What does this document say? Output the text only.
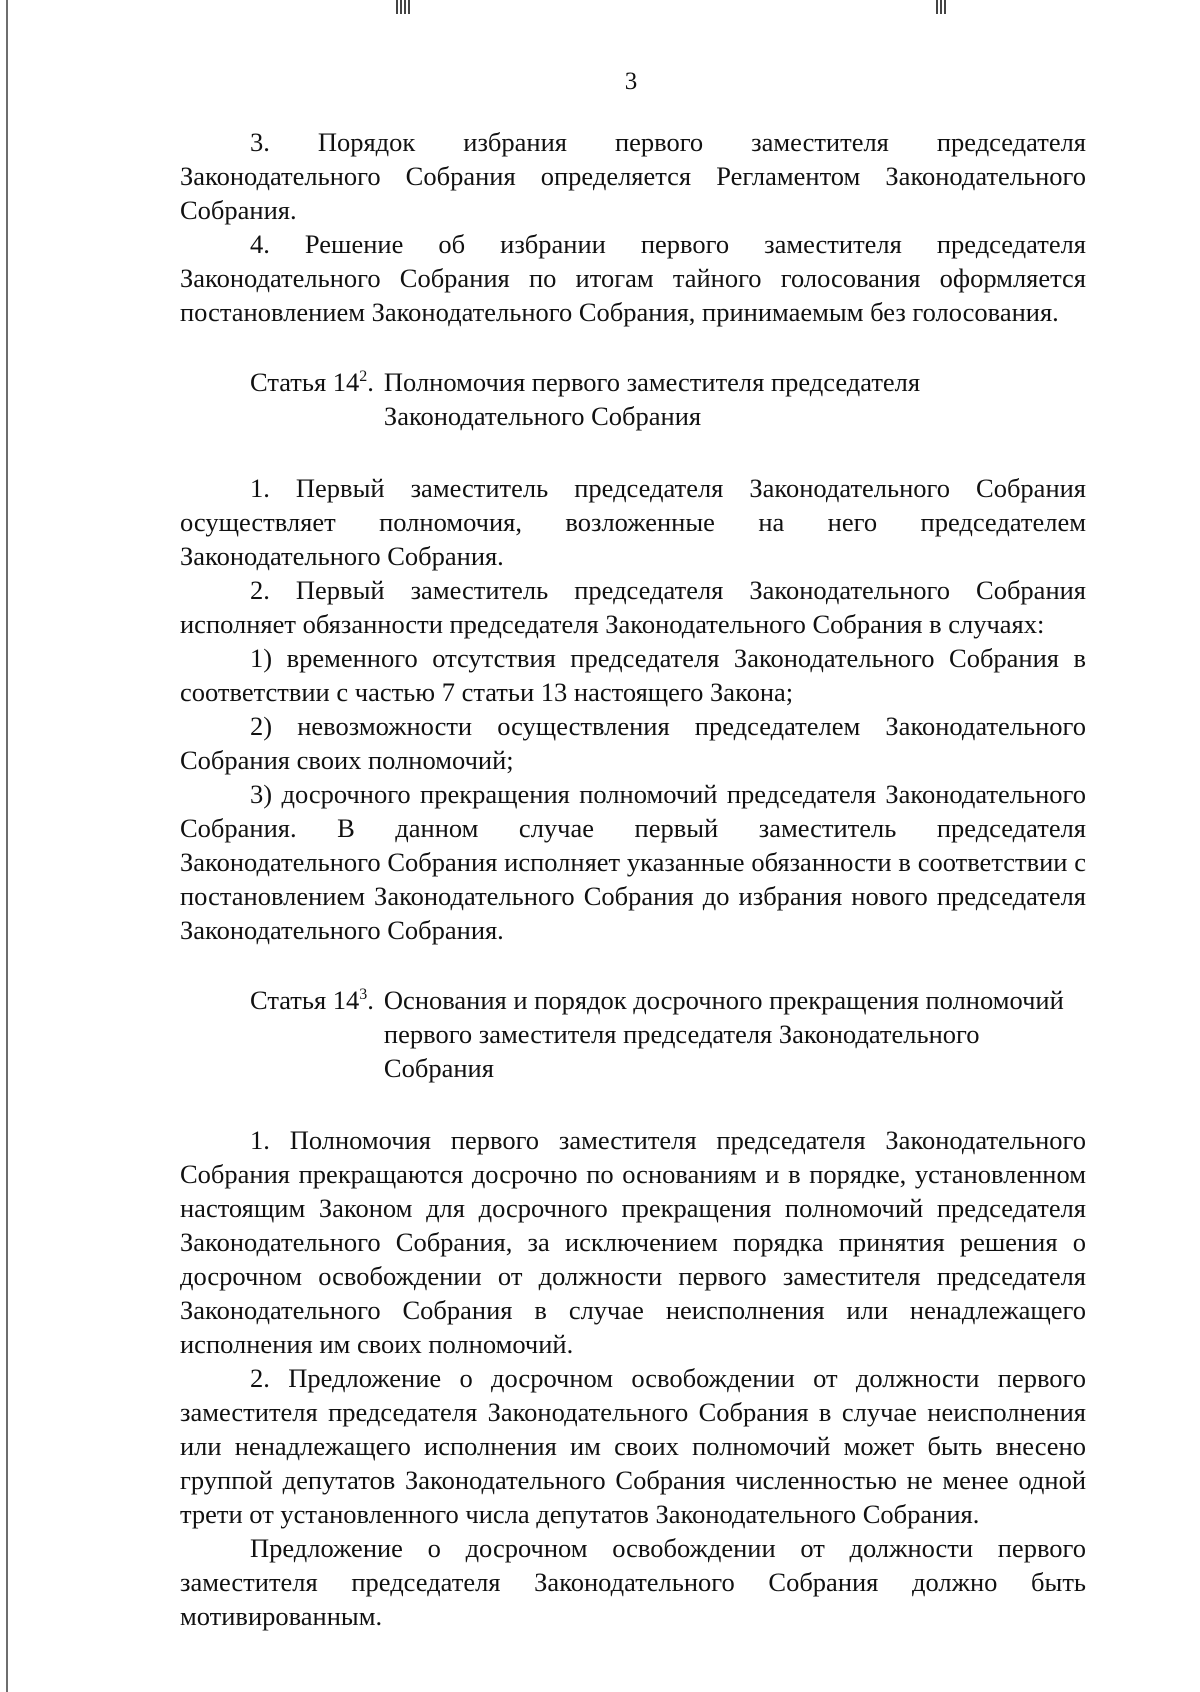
3

3. Порядок избрания первого заместителя председателя Законодательного Собрания определяется Регламентом Законодательного Собрания.

4. Решение об избрании первого заместителя председателя Законодательного Собрания по итогам тайного голосования оформляется постановлением Законодательного Собрания, принимаемым без голосования.

Статья $14^2$. Полномочия первого заместителя председателя Законодательного Собрания

1. Первый заместитель председателя Законодательного Собрания осуществляет полномочия, возложенные на него председателем Законодательного Собрания.

2. Первый заместитель председателя Законодательного Собрания исполняет обязанности председателя Законодательного Собрания в случаях:

1) временного отсутствия председателя Законодательного Собрания в соответствии с частью 7 статьи 13 настоящего Закона;

2) невозможности осуществления председателем Законодательного Собрания своих полномочий;

3) досрочного прекращения полномочий председателя Законодательного Собрания. В данном случае первый заместитель председателя Законодательного Собрания исполняет указанные обязанности в соответствии с постановлением Законодательного Собрания до избрания нового председателя Законодательного Собрания.

Статья $14^3$. Основания и порядок досрочного прекращения полномочий первого заместителя председателя Законодательного Собрания

1. Полномочия первого заместителя председателя Законодательного Собрания прекращаются досрочно по основаниям и в порядке, установленном настоящим Законом для досрочного прекращения полномочий председателя Законодательного Собрания, за исключением порядка принятия решения о досрочном освобождении от должности первого заместителя председателя Законодательного Собрания в случае неисполнения или ненадлежащего исполнения им своих полномочий.

2. Предложение о досрочном освобождении от должности первого заместителя председателя Законодательного Собрания в случае неисполнения или ненадлежащего исполнения им своих полномочий может быть внесено группой депутатов Законодательного Собрания численностью не менее одной трети от установленного числа депутатов Законодательного Собрания.

Предложение о досрочном освобождении от должности первого заместителя председателя Законодательного Собрания должно быть мотивированным.
